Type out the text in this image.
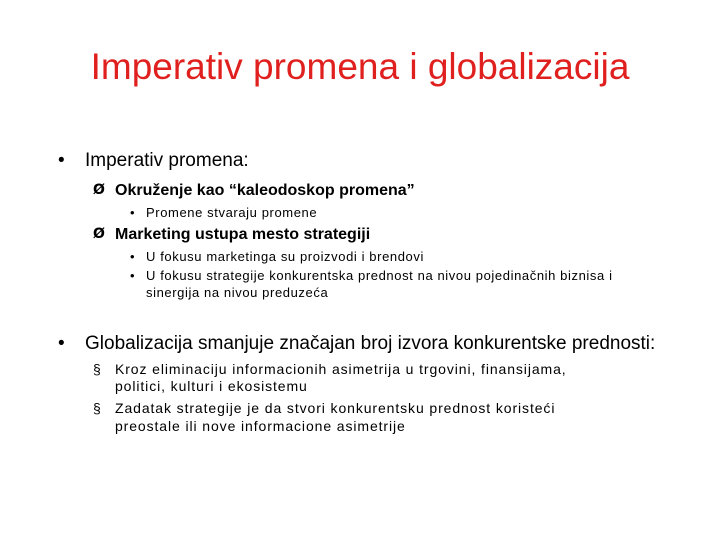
Imperativ promena i globalizacija
• Imperativ promena:
Ø Okruženje kao “kaleodoskop promena”
• Promene stvaraju promene
Ø Marketing ustupa mesto strategiji
• U fokusu marketinga su proizvodi i brendovi
• U fokusu strategije konkurentska prednost na nivou pojedinačnih biznisa i
sinergija na nivou preduzeća
• Globalizacija smanjuje značajan broj izvora konkurentske prednosti:
§ Kroz eliminaciju informacionih asimetrija u trgovini, finansijama,
politici, kulturi i ekosistemu
§ Zadatak strategije je da stvori konkurentsku prednost koristeći
preostale ili nove informacione asimetrije
